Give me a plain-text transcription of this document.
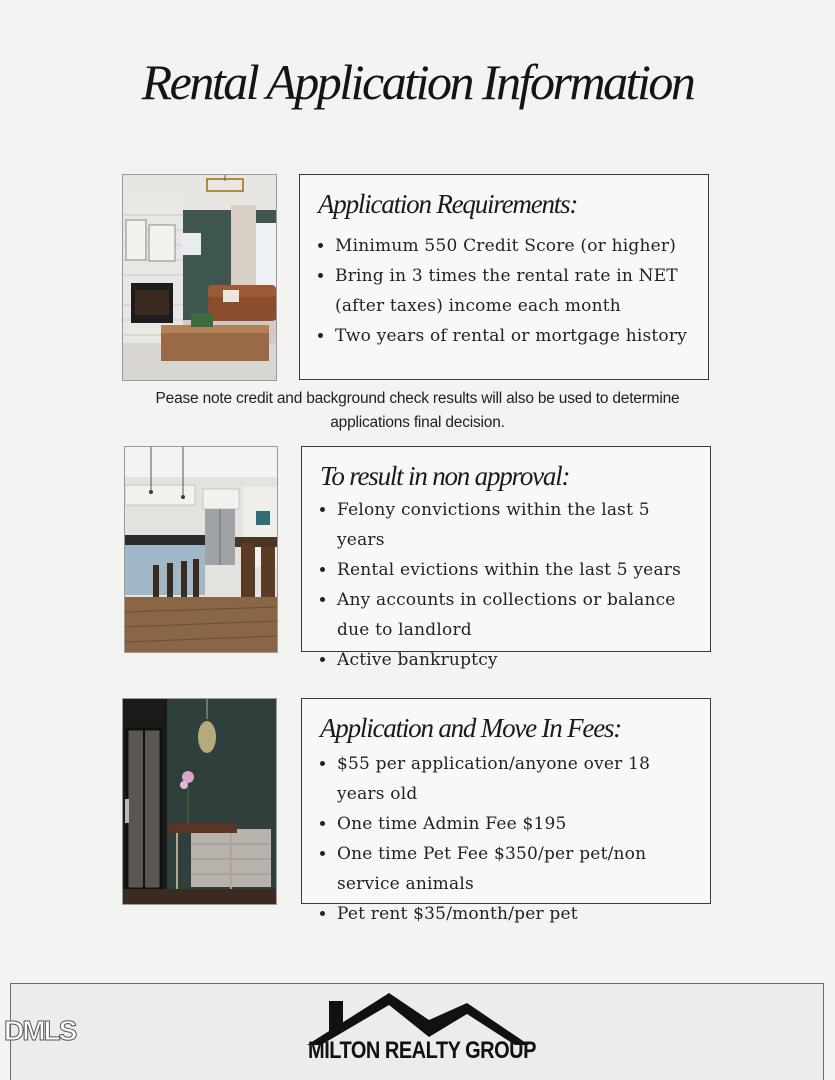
Rental Application Information
Application Requirements:
Minimum 550 Credit Score (or higher)
Bring in 3 times the rental rate in NET (after taxes) income each month
Two years of rental or mortgage history
Pease note credit and background check results will also be used to determine applications final decision.
To result in non approval:
Felony convictions within the last 5 years
Rental evictions within the last 5 years
Any accounts in collections or balance due to landlord
Active bankruptcy
Application and Move In Fees:
$55 per application/anyone over 18 years old
One time Admin Fee $195
One time Pet Fee $350/per pet/non service animals
Pet rent $35/month/per pet
MILTON REALTY GROUP
DMLS
